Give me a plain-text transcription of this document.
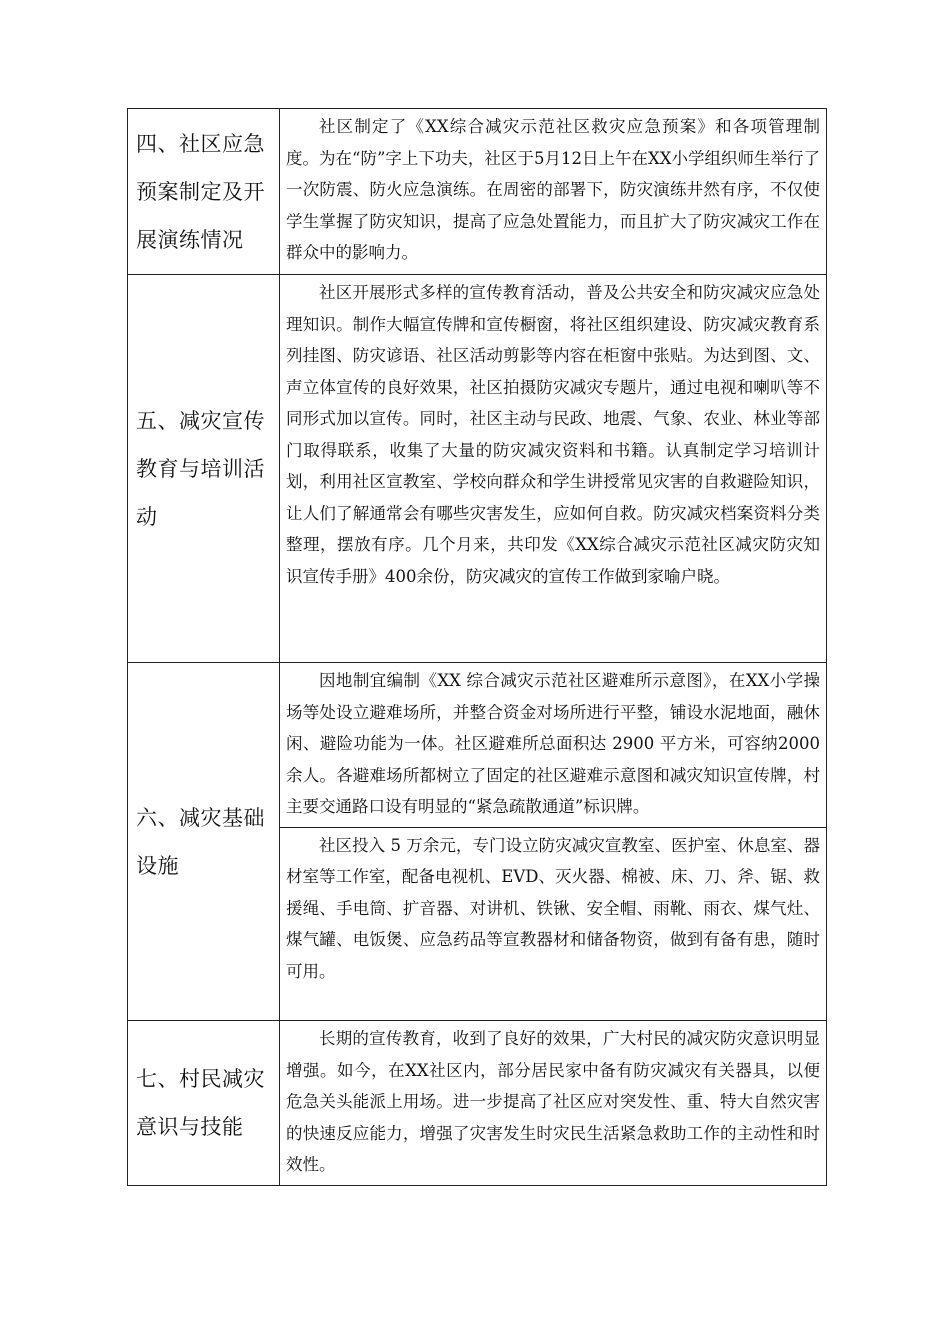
四、社区应急预案制定及开展演练情况	社区制定了《XX综合减灾示范社区救灾应急预案》和各项管理制度。为在“防”字上下功夫，社区于5月12日上午在XX小学组织师生举行了一次防震、防火应急演练。在周密的部署下，防灾演练井然有序，不仅使学生掌握了防灾知识，提高了应急处置能力，而且扩大了防灾减灾工作在群众中的影响力。

五、减灾宣传教育与培训活动	社区开展形式多样的宣传教育活动，普及公共安全和防灾减灾应急处理知识。制作大幅宣传牌和宣传橱窗，将社区组织建设、防灾减灾教育系列挂图、防灾谚语、社区活动剪影等内容在柜窗中张贴。为达到图、文、声立体宣传的良好效果，社区拍摄防灾减灾专题片，通过电视和喇叭等不同形式加以宣传。同时，社区主动与民政、地震、气象、农业、林业等部门取得联系，收集了大量的防灾减灾资料和书籍。认真制定学习培训计划，利用社区宣教室、学校向群众和学生讲授常见灾害的自救避险知识，让人们了解通常会有哪些灾害发生，应如何自救。防灾减灾档案资料分类整理，摆放有序。几个月来，共印发《XX综合减灾示范社区减灾防灾知识宣传手册》400余份，防灾减灾的宣传工作做到家喻户晓。

六、减灾基础设施	因地制宜编制《XX 综合减灾示范社区避难所示意图》，在XX小学操场等处设立避难场所，并整合资金对场所进行平整，铺设水泥地面，融休闲、避险功能为一体。社区避难所总面积达 2900 平方米，可容纳2000余人。各避难场所都树立了固定的社区避难示意图和减灾知识宣传牌，村主要交通路口设有明显的“紧急疏散通道”标识牌。

社区投入 5 万余元，专门设立防灾减灾宣教室、医护室、休息室、器材室等工作室，配备电视机、EVD、灭火器、棉被、床、刀、斧、锯、救援绳、手电筒、扩音器、对讲机、铁锹、安全帽、雨靴、雨衣、煤气灶、煤气罐、电饭煲、应急药品等宣教器材和储备物资，做到有备有患，随时可用。

七、村民减灾意识与技能	长期的宣传教育，收到了良好的效果，广大村民的减灾防灾意识明显增强。如今，在XX社区内，部分居民家中备有防灾减灾有关器具，以便危急关头能派上用场。进一步提高了社区应对突发性、重、特大自然灾害的快速反应能力，增强了灾害发生时灾民生活紧急救助工作的主动性和时效性。
